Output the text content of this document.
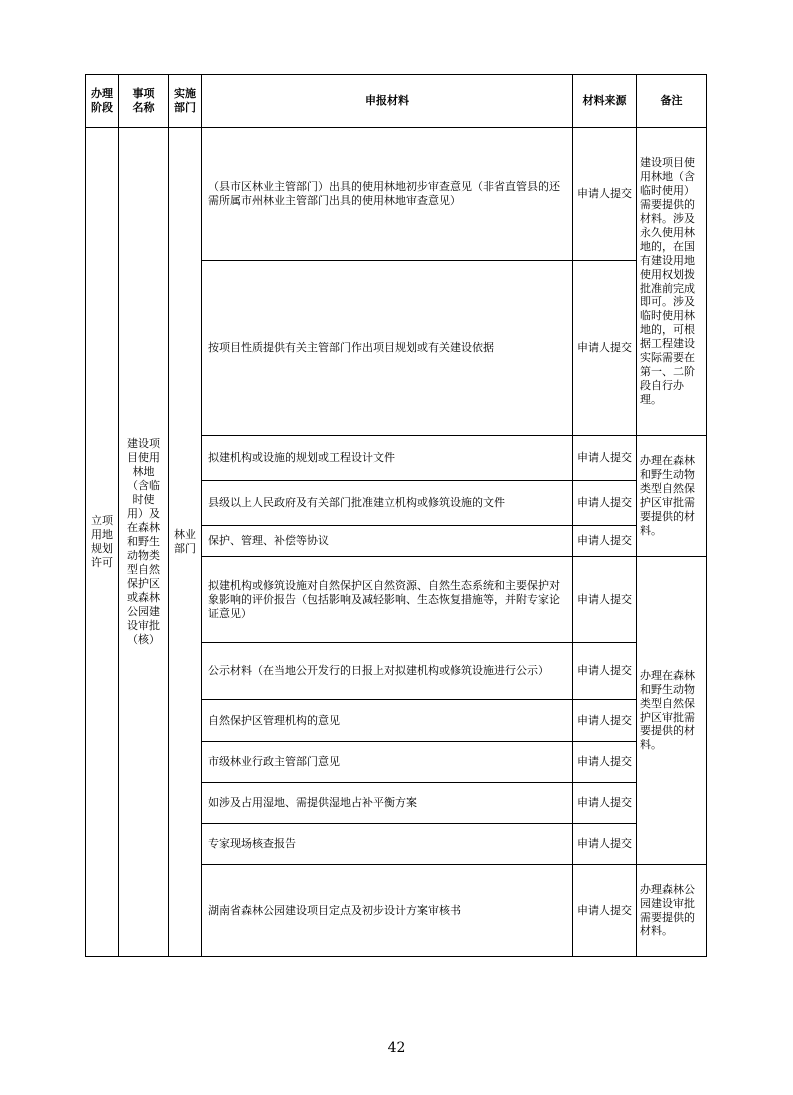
办理阶段	事项名称	实施部门	申报材料	材料来源	备注

立项用地规划许可	建设项目使用林地（含临时使用）及在森林和野生动物类型自然保护区或森林公园建设审批（核）	林业部门	（县市区林业主管部门）出具的使用林地初步审查意见（非省直管县的还需所属市州林业主管部门出具的使用林地审查意见）	申请人提交	建设项目使用林地（含临时使用）需要提供的材料。涉及永久使用林地的，在国有建设用地使用权划拨批准前完成即可。涉及临时使用林地的，可根据工程建设实际需要在第一、二阶段自行办理。

			按项目性质提供有关主管部门作出项目规划或有关建设依据	申请人提交	

			拟建机构或设施的规划或工程设计文件	申请人提交	办理在森林和野生动物类型自然保护区审批需要提供的材料。

			县级以上人民政府及有关部门批准建立机构或修筑设施的文件	申请人提交	

			保护、管理、补偿等协议	申请人提交	

			拟建机构或修筑设施对自然保护区自然资源、自然生态系统和主要保护对象影响的评价报告（包括影响及减轻影响、生态恢复措施等，并附专家论证意见）	申请人提交	办理在森林和野生动物类型自然保护区审批需要提供的材料。

			公示材料（在当地公开发行的日报上对拟建机构或修筑设施进行公示）	申请人提交	

			自然保护区管理机构的意见	申请人提交	

			市级林业行政主管部门意见	申请人提交	

			如涉及占用湿地、需提供湿地占补平衡方案	申请人提交	

			专家现场核查报告	申请人提交	

			湖南省森林公园建设项目定点及初步设计方案审核书	申请人提交	办理森林公园建设审批需要提供的材料。
42
